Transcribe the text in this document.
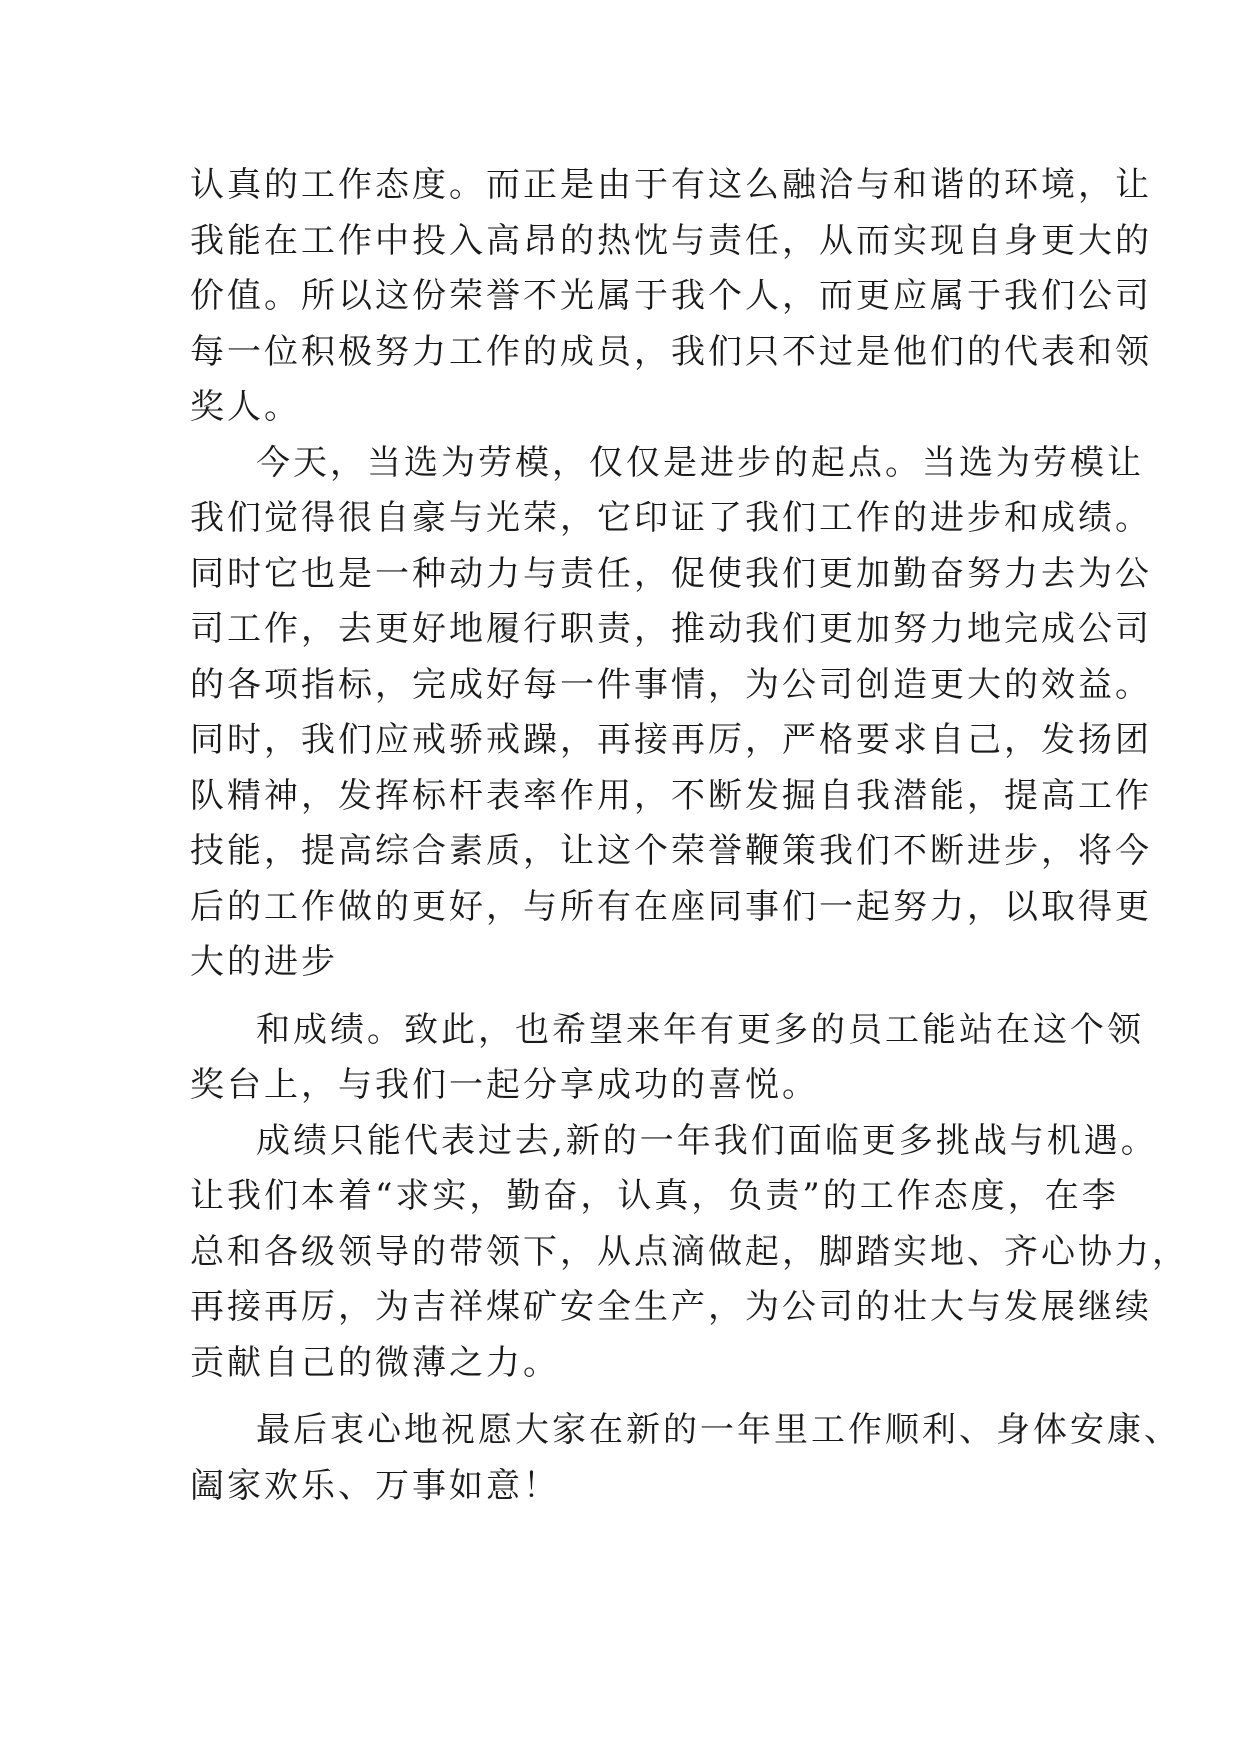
认真的工作态度。而正是由于有这么融洽与和谐的环境，让
我能在工作中投入高昂的热忱与责任，从而实现自身更大的
价值。所以这份荣誉不光属于我个人，而更应属于我们公司
每一位积极努力工作的成员，我们只不过是他们的代表和领
奖人。
今天，当选为劳模，仅仅是进步的起点。当选为劳模让
我们觉得很自豪与光荣，它印证了我们工作的进步和成绩。
同时它也是一种动力与责任，促使我们更加勤奋努力去为公
司工作，去更好地履行职责，推动我们更加努力地完成公司
的各项指标，完成好每一件事情，为公司创造更大的效益。
同时，我们应戒骄戒躁，再接再厉，严格要求自己，发扬团
队精神，发挥标杆表率作用，不断发掘自我潜能，提高工作
技能，提高综合素质，让这个荣誉鞭策我们不断进步，将今
后的工作做的更好，与所有在座同事们一起努力，以取得更
大的进步
和成绩。致此，也希望来年有更多的员工能站在这个领
奖台上，与我们一起分享成功的喜悦。
成绩只能代表过去,新的一年我们面临更多挑战与机遇。
让我们本着“求实，勤奋，认真，负责”的工作态度，在李
总和各级领导的带领下，从点滴做起，脚踏实地、齐心协力，
再接再厉，为吉祥煤矿安全生产，为公司的壮大与发展继续
贡献自己的微薄之力。
最后衷心地祝愿大家在新的一年里工作顺利、身体安康、
阖家欢乐、万事如意！
